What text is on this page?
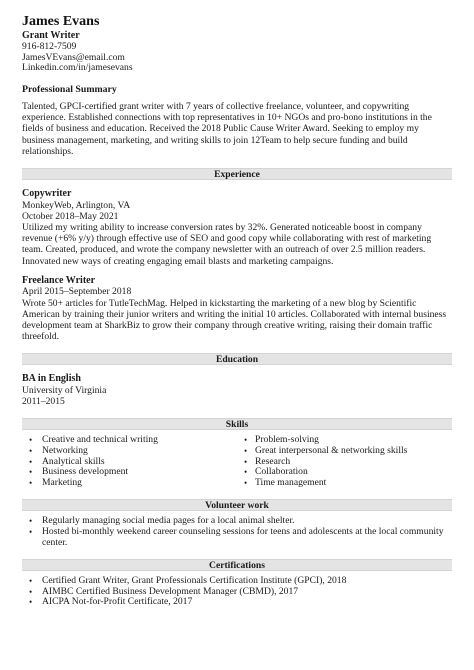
James Evans
Grant Writer
916-812-7509
JamesVEvans@email.com
Linkedin.com/in/jamesevans
Professional Summary
Talented, GPCI-certified grant writer with 7 years of collective freelance, volunteer, and copywriting experience. Established connections with top representatives in 10+ NGOs and pro-bono institutions in the fields of business and education. Received the 2018 Public Cause Writer Award. Seeking to employ my business management, marketing, and writing skills to join 12Team to help secure funding and build relationships.
Experience
Copywriter
MonkeyWeb, Arlington, VA
October 2018–May 2021
Utilized my writing ability to increase conversion rates by 32%. Generated noticeable boost in company revenue (+6% y/y) through effective use of SEO and good copy while collaborating with rest of marketing team. Created, produced, and wrote the company newsletter with an outreach of over 2.5 million readers. Innovated new ways of creating engaging email blasts and marketing campaigns.
Freelance Writer
April 2015–September 2018
Wrote 50+ articles for TutleTechMag. Helped in kickstarting the marketing of a new blog by Scientific American by training their junior writers and writing the initial 10 articles. Collaborated with internal business development team at SharkBiz to grow their company through creative writing, raising their domain traffic threefold.
Education
BA in English
University of Virginia
2011–2015
Skills
• Creative and technical writing
• Networking
• Analytical skills
• Business development
• Marketing
• Problem-solving
• Great interpersonal & networking skills
• Research
• Collaboration
• Time management
Volunteer work
• Regularly managing social media pages for a local animal shelter.
• Hosted bi-monthly weekend career counseling sessions for teens and adolescents at the local community center.
Certifications
• Certified Grant Writer, Grant Professionals Certification Institute (GPCI), 2018
• AIMBC Certified Business Development Manager (CBMD), 2017
• AICPA Not-for-Profit Certificate, 2017
